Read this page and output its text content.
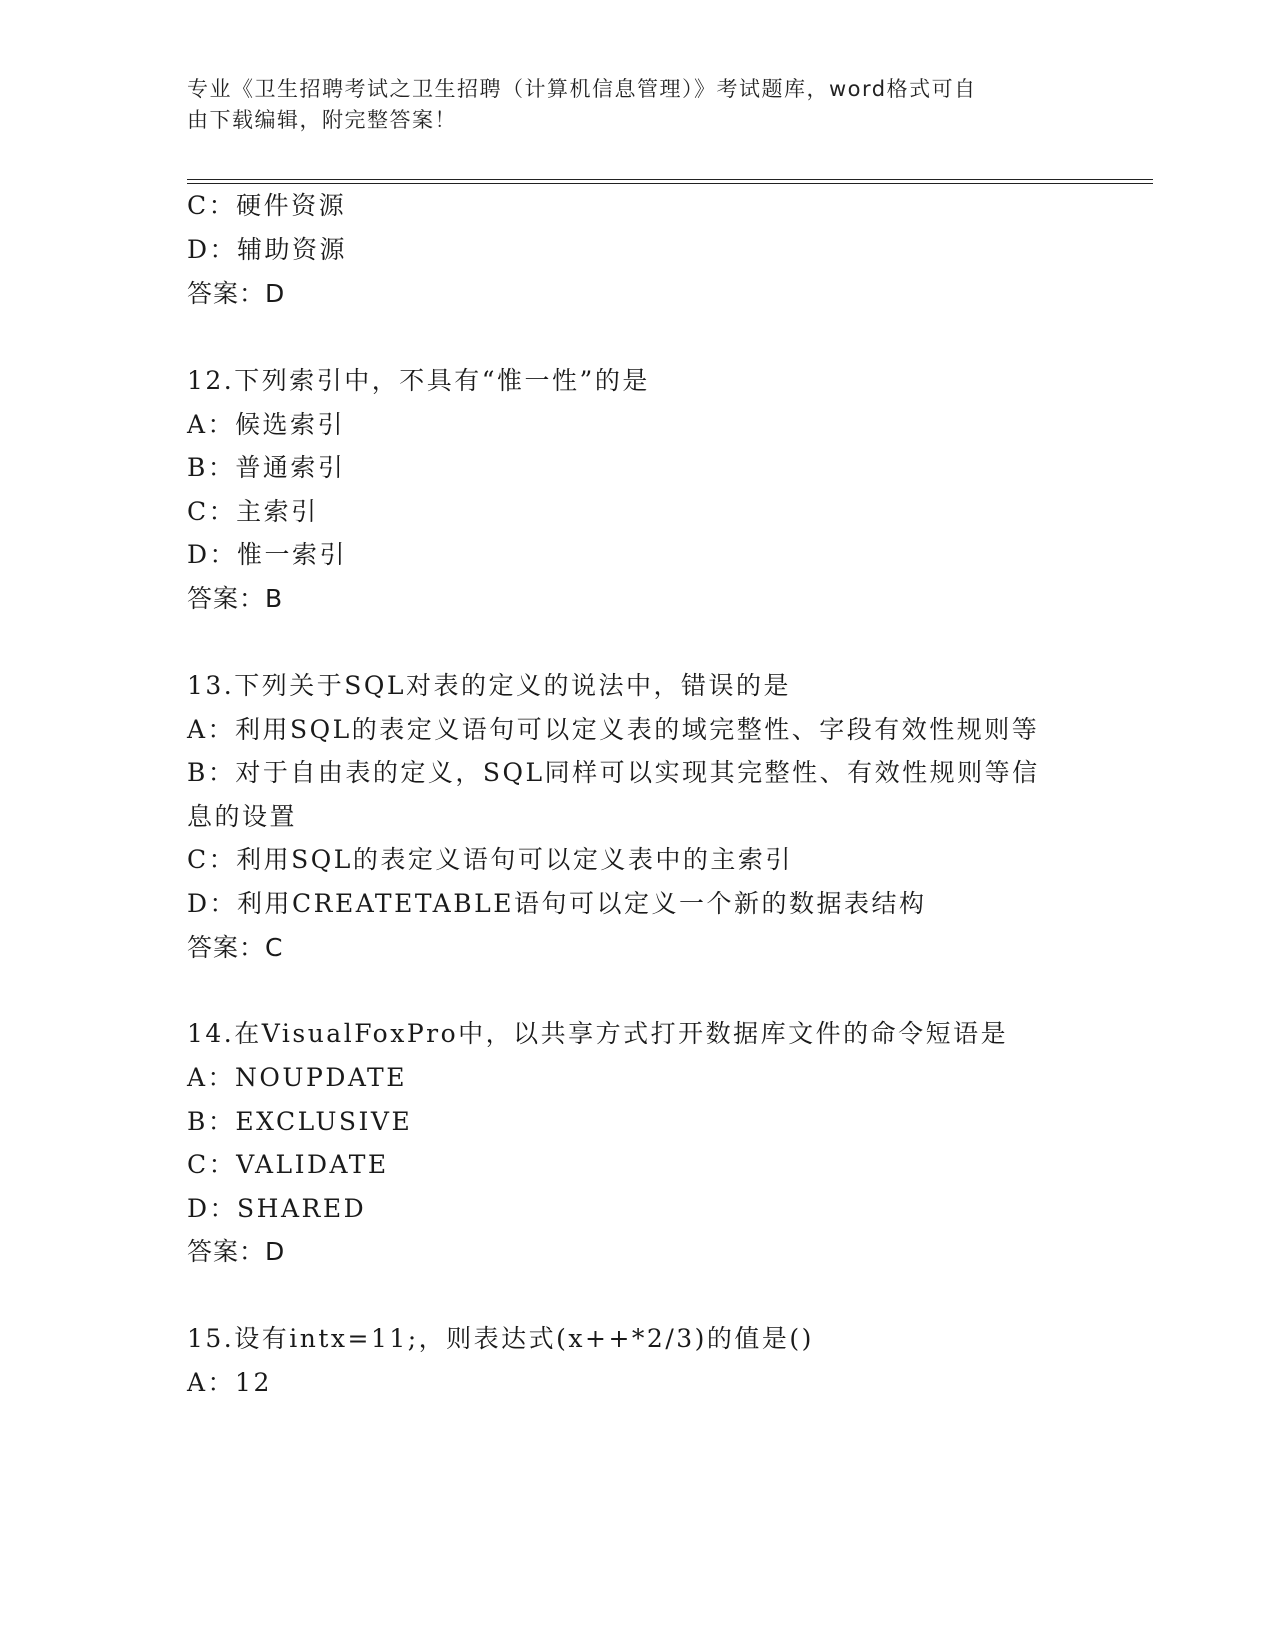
专业《卫生招聘考试之卫生招聘（计算机信息管理）》考试题库，word格式可自
由下载编辑，附完整答案！
C：硬件资源
D：辅助资源
答案：D
12.下列索引中，不具有“惟一性”的是
A：候选索引
B：普通索引
C：主索引
D：惟一索引
答案：B
13.下列关于SQL对表的定义的说法中，错误的是
A：利用SQL的表定义语句可以定义表的域完整性、字段有效性规则等
B：对于自由表的定义，SQL同样可以实现其完整性、有效性规则等信
息的设置
C：利用SQL的表定义语句可以定义表中的主索引
D：利用CREATETABLE语句可以定义一个新的数据表结构
答案：C
14.在VisualFoxPro中，以共享方式打开数据库文件的命令短语是
A：NOUPDATE
B：EXCLUSIVE
C：VALIDATE
D：SHARED
答案：D
15.设有intx=11;，则表达式(x++*2/3)的值是()
A：12
